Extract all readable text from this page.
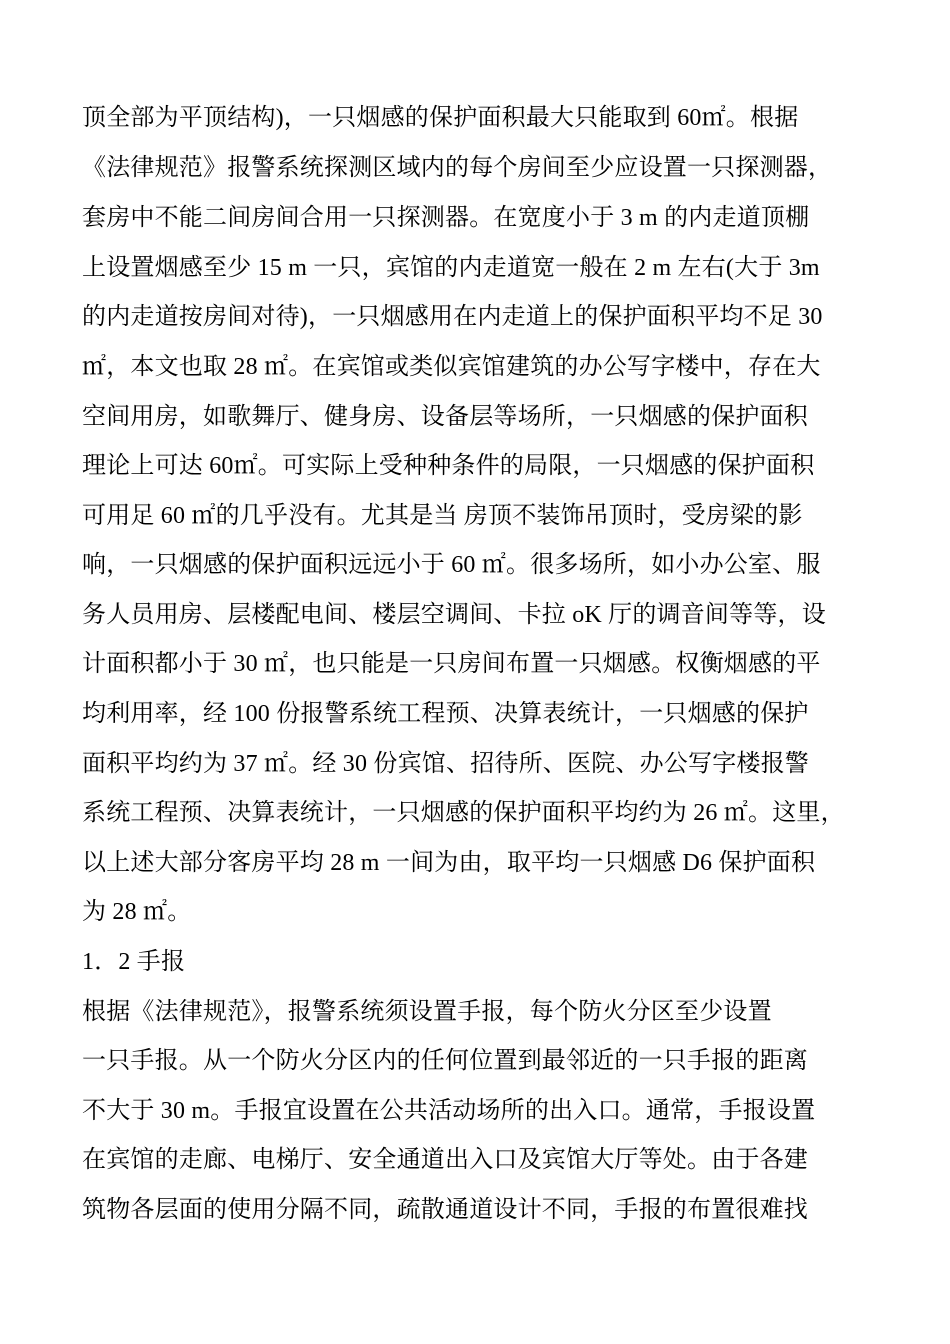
顶全部为平顶结构)，一只烟感的保护面积最大只能取到 60㎡。根据
《法律规范》报警系统探测区域内的每个房间至少应设置一只探测器，
套房中不能二间房间合用一只探测器。在宽度小于 3 m 的内走道顶棚
上设置烟感至少 15 m 一只，宾馆的内走道宽一般在 2 m 左右(大于 3m
的内走道按房间对待)，一只烟感用在内走道上的保护面积平均不足 30
㎡，本文也取 28 ㎡。在宾馆或类似宾馆建筑的办公写字楼中，存在大
空间用房，如歌舞厅、健身房、设备层等场所，一只烟感的保护面积
理论上可达 60㎡。可实际上受种种条件的局限，一只烟感的保护面积
可用足 60 ㎡的几乎没有。尤其是当 房顶不装饰吊顶时，受房梁的影
响，一只烟感的保护面积远远小于 60 ㎡。很多场所，如小办公室、服
务人员用房、层楼配电间、楼层空调间、卡拉 oK 厅的调音间等等，设
计面积都小于 30 ㎡，也只能是一只房间布置一只烟感。权衡烟感的平
均利用率，经 100 份报警系统工程预、决算表统计，一只烟感的保护
面积平均约为 37 ㎡。经 30 份宾馆、招待所、医院、办公写字楼报警
系统工程预、决算表统计，一只烟感的保护面积平均约为 26 ㎡。这里，
以上述大部分客房平均 28 m 一间为由，取平均一只烟感 D6 保护面积
为 28 ㎡。
1．2 手报
根据《法律规范》，报警系统须设置手报，每个防火分区至少设置
一只手报。从一个防火分区内的任何位置到最邻近的一只手报的距离
不大于 30 m。手报宜设置在公共活动场所的出入口。通常，手报设置
在宾馆的走廊、电梯厅、安全通道出入口及宾馆大厅等处。由于各建
筑物各层面的使用分隔不同，疏散通道设计不同，手报的布置很难找
